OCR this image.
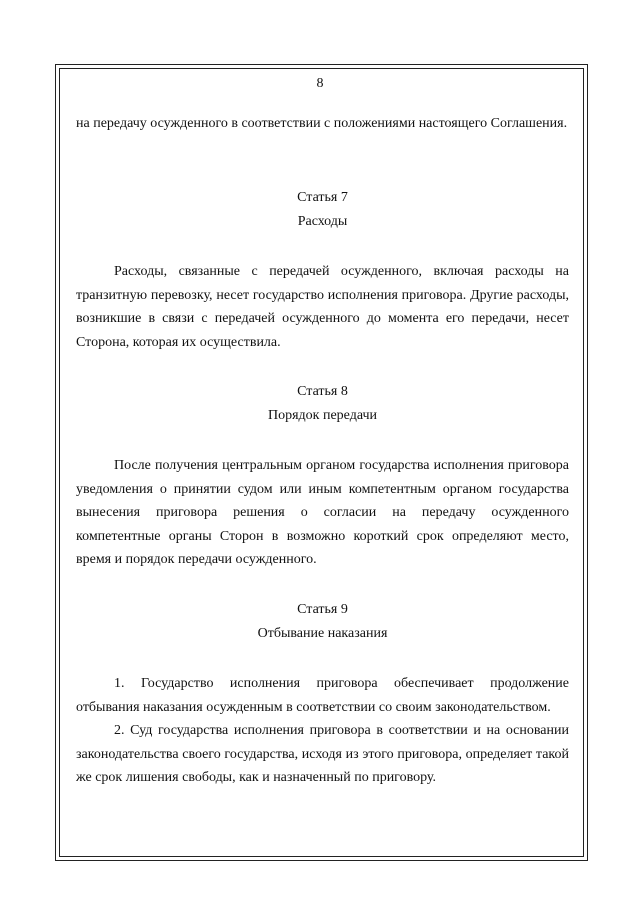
8

на передачу осужденного в соответствии с положениями настоящего Соглашения.

Статья 7

Расходы

Расходы, связанные с передачей осужденного, включая расходы на транзитную перевозку, несет государство исполнения приговора. Другие расходы, возникшие в связи с передачей осужденного до момента его передачи, несет Сторона, которая их осуществила.

Статья 8

Порядок передачи

После получения центральным органом государства исполнения приговора уведомления о принятии судом или иным компетентным органом государства вынесения приговора решения о согласии на передачу осужденного компетентные органы Сторон в возможно короткий срок определяют место, время и порядок передачи осужденного.

Статья 9

Отбывание наказания

1. Государство исполнения приговора обеспечивает продолжение отбывания наказания осужденным в соответствии со своим законодательством.

2. Суд государства исполнения приговора в соответствии и на основании законодательства своего государства, исходя из этого приговора, определяет такой же срок лишения свободы, как и назначенный по приговору.
